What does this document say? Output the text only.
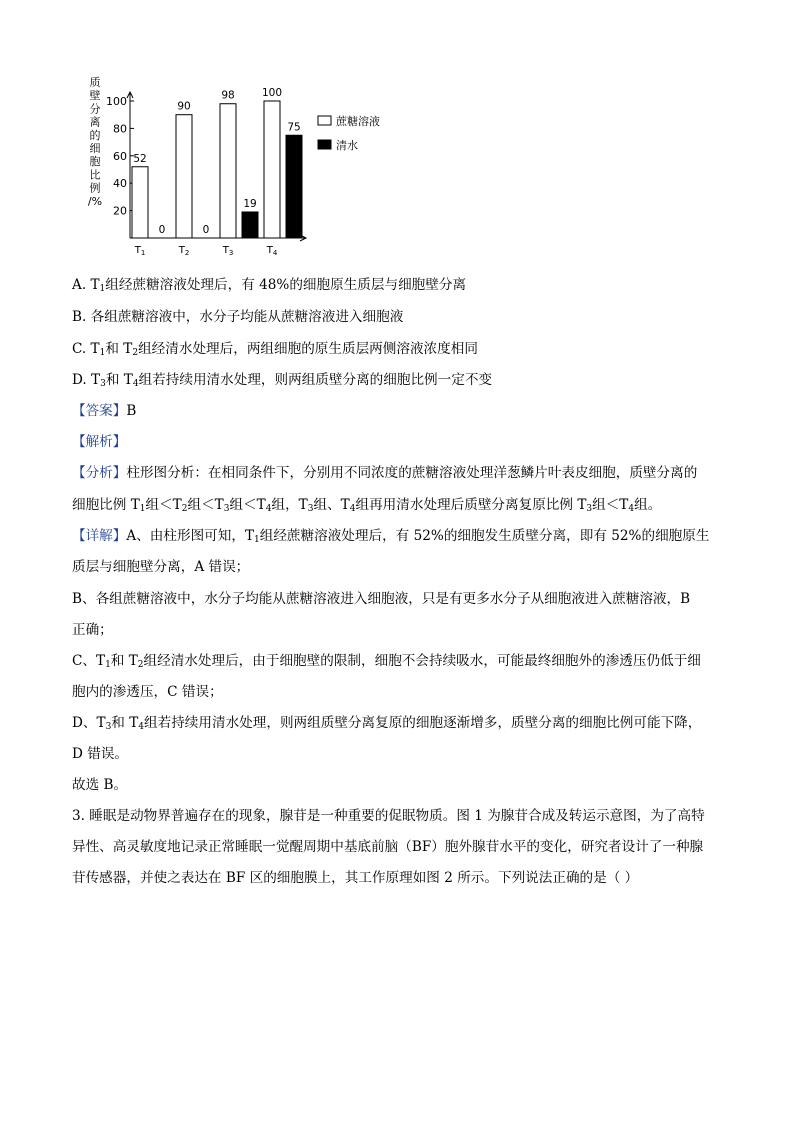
质
壁
分
离
的
细
胞
比
例
/%
20
40
60
80
100
52
0
90
0
98
19
100
75
$T_1$	$T_2$	$T_3$	$T_4$
蔗糖溶液
清水
A. $T_1$组经蔗糖溶液处理后，有 48%的细胞原生质层与细胞壁分离
B. 各组蔗糖溶液中，水分子均能从蔗糖溶液进入细胞液
C. $T_1$和 $T_2$组经清水处理后，两组细胞的原生质层两侧溶液浓度相同
D. $T_3$和 $T_4$组若持续用清水处理，则两组质壁分离的细胞比例一定不变
【答案】B
【解析】
【分析】柱形图分析：在相同条件下，分别用不同浓度的蔗糖溶液处理洋葱鳞片叶表皮细胞，质壁分离的
细胞比例 $T_1$组$<T_2$组$<T_3$组$<T_4$组，$T_3$组、$T_4$组再用清水处理后质壁分离复原比例 $T_3$组$<T_4$组。
【详解】A、由柱形图可知，$T_1$组经蔗糖溶液处理后，有 52%的细胞发生质壁分离，即有 52%的细胞原生
质层与细胞壁分离，A 错误；
B、各组蔗糖溶液中，水分子均能从蔗糖溶液进入细胞液，只是有更多水分子从细胞液进入蔗糖溶液，B
正确；
C、$T_1$和 $T_2$组经清水处理后，由于细胞壁的限制，细胞不会持续吸水，可能最终细胞外的渗透压仍低于细
胞内的渗透压，C 错误；
D、$T_3$和 $T_4$组若持续用清水处理，则两组质壁分离复原的细胞逐渐增多，质壁分离的细胞比例可能下降，
D 错误。
故选 B。
3. 睡眠是动物界普遍存在的现象，腺苷是一种重要的促眠物质。图 1 为腺苷合成及转运示意图，为了高特
异性、高灵敏度地记录正常睡眠一觉醒周期中基底前脑（BF）胞外腺苷水平的变化，研究者设计了一种腺
苷传感器，并使之表达在 BF 区的细胞膜上，其工作原理如图 2 所示。下列说法正确的是（ ）
